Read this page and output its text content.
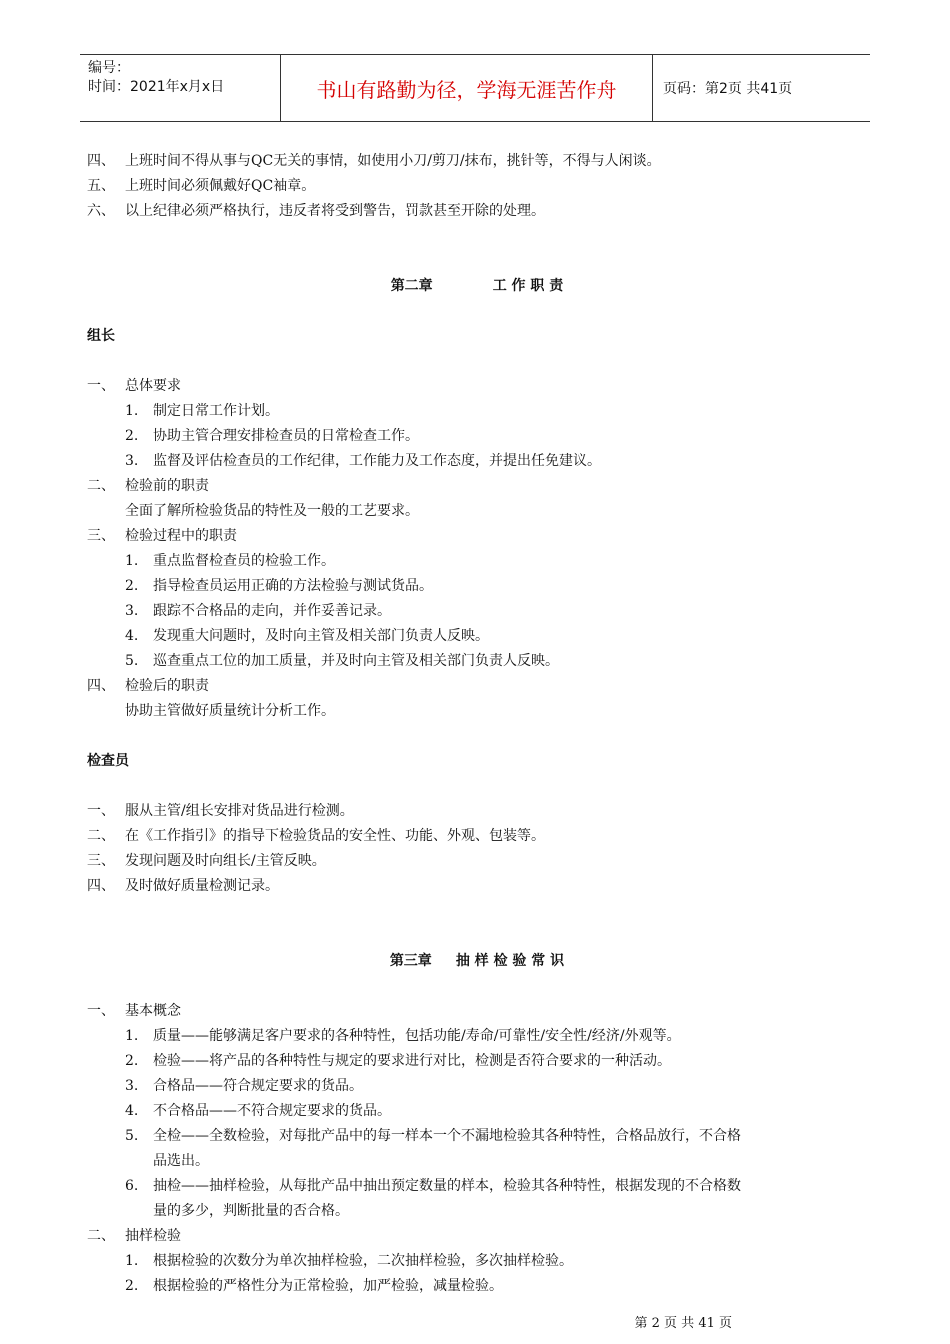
编号：
时间：2021年x月x日	书山有路勤为径，学海无涯苦作舟	页码：第2页 共41页
四、 上班时间不得从事与QC无关的事情，如使用小刀/剪刀/抹布，挑针等，不得与人闲谈。
五、 上班时间必须佩戴好QC袖章。
六、 以上纪律必须严格执行，违反者将受到警告，罚款甚至开除的处理。
第二章	工 作 职 责
组长
一、 总体要求
1. 制定日常工作计划。
2. 协助主管合理安排检查员的日常检查工作。
3. 监督及评估检查员的工作纪律，工作能力及工作态度，并提出任免建议。
二、 检验前的职责
全面了解所检验货品的特性及一般的工艺要求。
三、 检验过程中的职责
1. 重点监督检查员的检验工作。
2. 指导检查员运用正确的方法检验与测试货品。
3. 跟踪不合格品的走向，并作妥善记录。
4. 发现重大问题时，及时向主管及相关部门负责人反映。
5. 巡查重点工位的加工质量，并及时向主管及相关部门负责人反映。
四、 检验后的职责
协助主管做好质量统计分析工作。
检查员
一、 服从主管/组长安排对货品进行检测。
二、 在《工作指引》的指导下检验货品的安全性、功能、外观、包装等。
三、 发现问题及时向组长/主管反映。
四、 及时做好质量检测记录。
第三章 抽 样 检 验 常 识
一、 基本概念
1. 质量——能够满足客户要求的各种特性，包括功能/寿命/可靠性/安全性/经济/外观等。
2. 检验——将产品的各种特性与规定的要求进行对比，检测是否符合要求的一种活动。
3. 合格品——符合规定要求的货品。
4. 不合格品——不符合规定要求的货品。
5. 全检——全数检验，对每批产品中的每一样本一个不漏地检验其各种特性，合格品放行，不合格
品选出。
6. 抽检——抽样检验，从每批产品中抽出预定数量的样本，检验其各种特性，根据发现的不合格数
量的多少，判断批量的否合格。
二、 抽样检验
1. 根据检验的次数分为单次抽样检验，二次抽样检验，多次抽样检验。
2. 根据检验的严格性分为正常检验，加严检验，减量检验。
第 2 页 共 41 页
